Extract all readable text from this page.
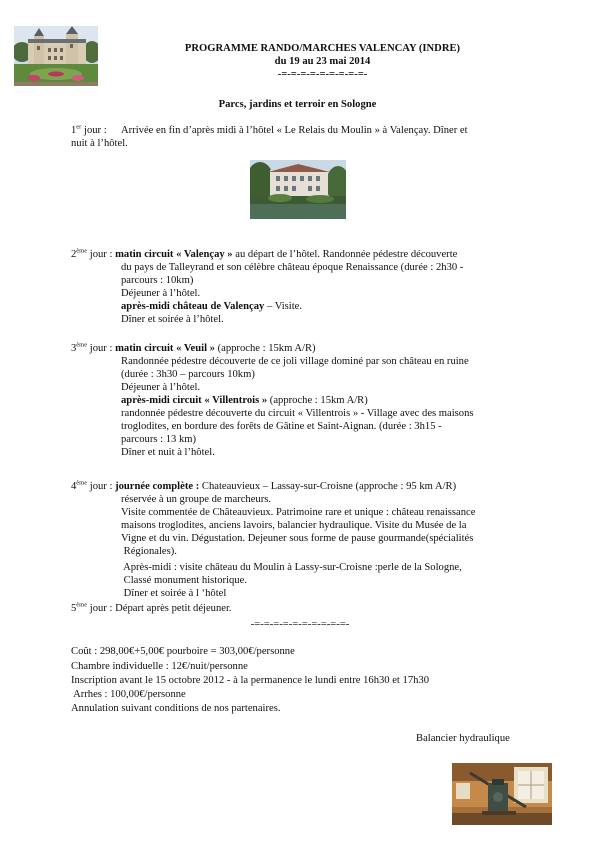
PROGRAMME RANDO/MARCHES VALENCAY (INDRE)
du 19 au 23 mai 2014
-=-=-=-=-=-=-=-=-=-
Parcs, jardins et terroir en Sologne
1er jour : Arrivée en fin d’après midi à l’hôtel « Le Relais du Moulin » à Valençay. Dîner et
nuit à l’hôtel.
2ème jour : matin circuit « Valençay » au départ de l’hôtel. Randonnée pédestre découverte
du pays de Talleyrand et son célèbre château époque Renaissance (durée : 2h30 -
parcours : 10km)
Déjeuner à l’hôtel.
après-midi château de Valençay – Visite.
Dîner et soirée à l’hôtel.
3ème jour : matin circuit « Veuil » (approche : 15km A/R)
Randonnée pédestre découverte de ce joli village dominé par son château en ruine
(durée : 3h30 – parcours 10km)
Déjeuner à l’hôtel.
après-midi circuit « Villentrois » (approche : 15km A/R)
randonnée pédestre découverte du circuit « Villentrois » - Village avec des maisons
troglodites, en bordure des forêts de Gâtine et Saint-Aignan. (durée : 3h15 -
parcours : 13 km)
Dîner et nuit à l’hôtel.
4ème jour : journée complète : Chateauvieux – Lassay-sur-Croisne (approche : 95 km A/R)
réservée à un groupe de marcheurs.
Visite commentée de Châteauvieux. Patrimoine rare et unique : château renaissance
maisons troglodites, anciens lavoirs, balancier hydraulique. Visite du Musée de la
Vigne et du vin. Dégustation. Dejeuner sous forme de pause gourmande(spécialités
Régionales).
Après-midi : visite château du Moulin à Lassy-sur-Croisne :perle de la Sologne,
Classé monument historique.
Dîner et soirée à l ‘hôtel
5ème jour : Départ après petit déjeuner.
-=-=-=-=-=-=-=-=-=-=-
Coût : 298,00€+5,00€ pourboire = 303,00€/personne
Chambre individuelle : 12€/nuit/personne
Inscription avant le 15 octobre 2012 - à la permanence le lundi entre 16h30 et 17h30
Arrhes : 100,00€/personne
Annulation suivant conditions de nos partenaires.
Balancier hydraulique
